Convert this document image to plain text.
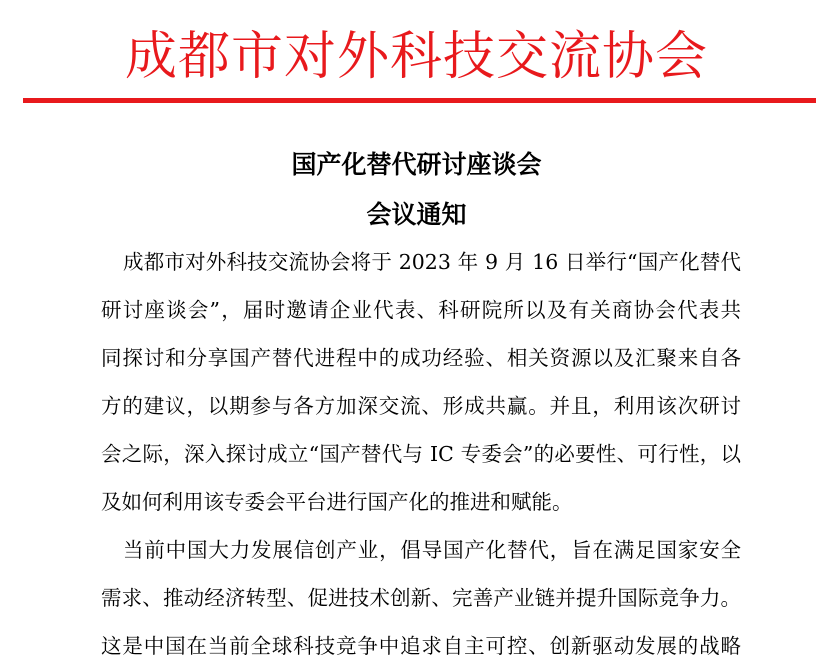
成都市对外科技交流协会
国产化替代研讨座谈会
会议通知
成都市对外科技交流协会将于 2023 年 9 月 16 日举行“国产化替代
研讨座谈会”，届时邀请企业代表、科研院所以及有关商协会代表共
同探讨和分享国产替代进程中的成功经验、相关资源以及汇聚来自各
方的建议，以期参与各方加深交流、形成共赢。并且，利用该次研讨
会之际，深入探讨成立“国产替代与 IC 专委会”的必要性、可行性，以
及如何利用该专委会平台进行国产化的推进和赋能。
当前中国大力发展信创产业，倡导国产化替代，旨在满足国家安全
需求、推动经济转型、促进技术创新、完善产业链并提升国际竞争力。
这是中国在当前全球科技竞争中追求自主可控、创新驱动发展的战略
